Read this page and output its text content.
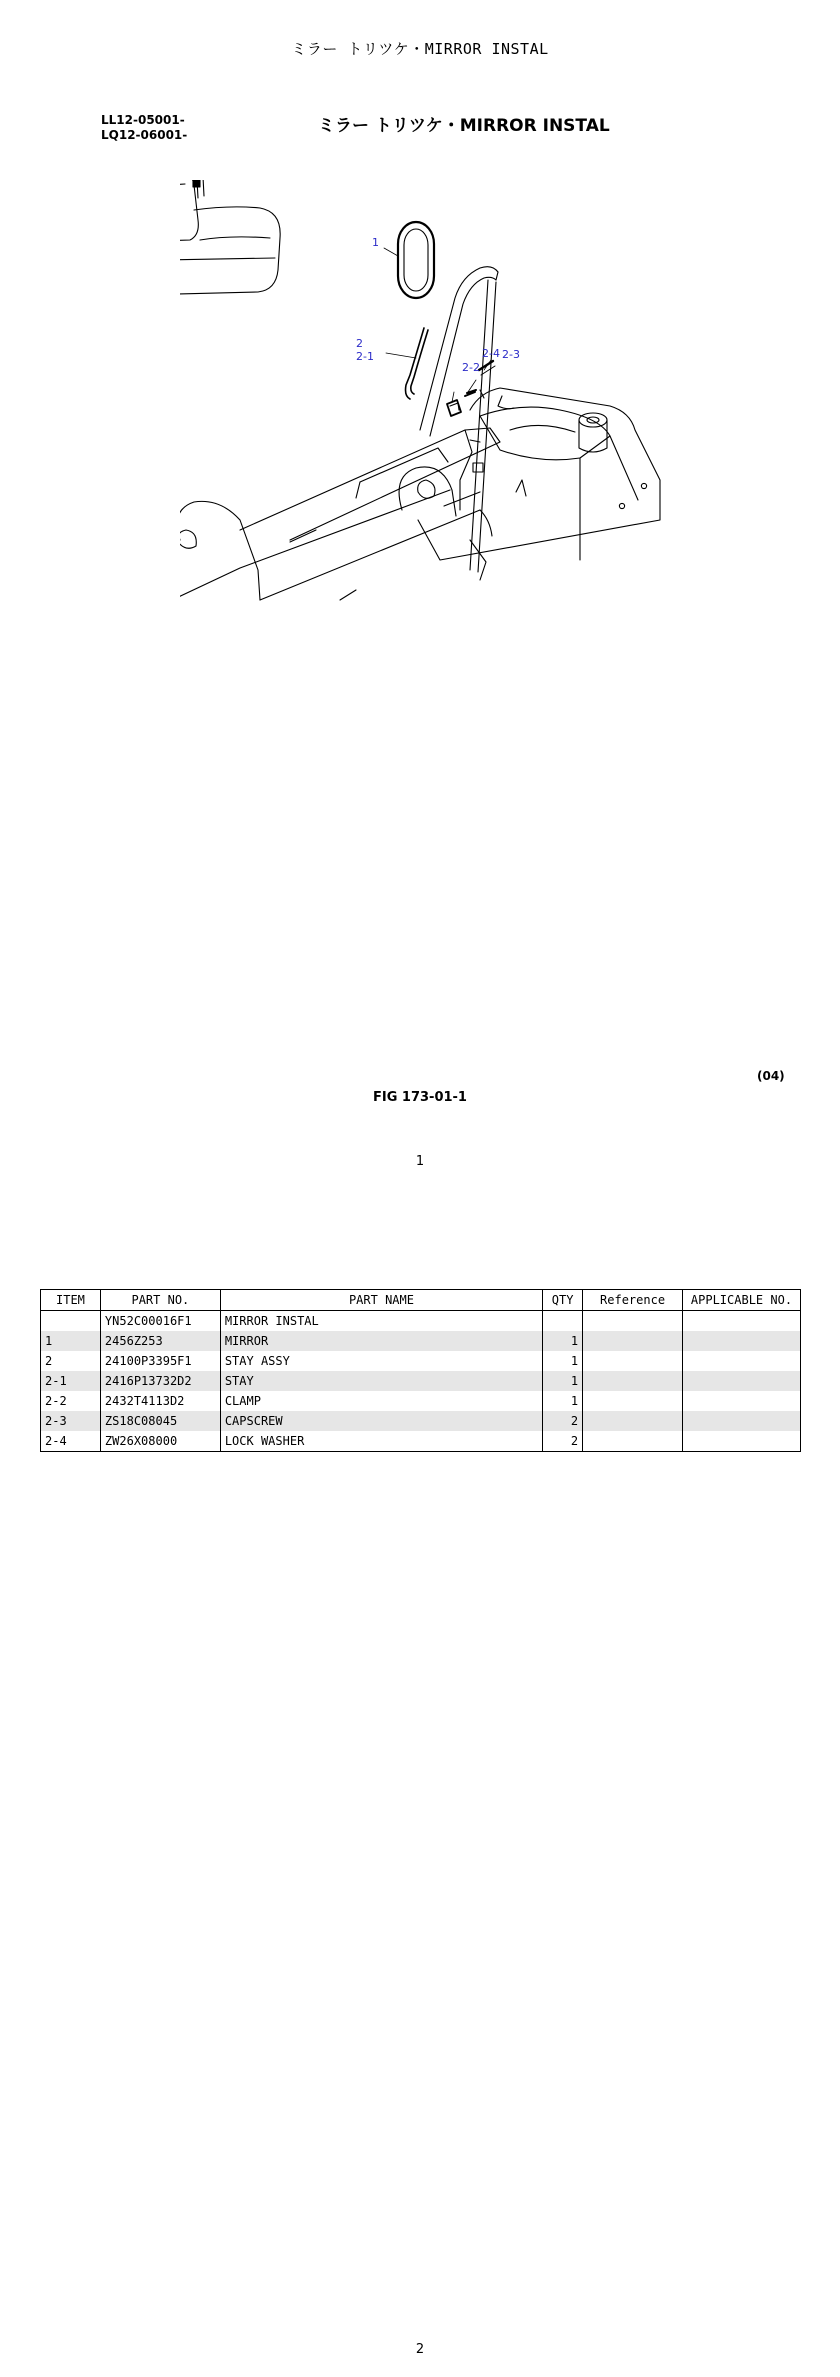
ミラー トリツケ・MIRROR INSTAL
LL12-05001-
LQ12-06001-	ミラー トリツケ・MIRROR INSTAL
1
2
2-1
2-2
2-3
2-4
(04)
FIG 173-01-1
1
ITEM	PART NO.	PART NAME	QTY	Reference	APPLICABLE NO.
	YN52C00016F1	MIRROR INSTAL			
1	2456Z253	MIRROR	1		
2	24100P3395F1	STAY ASSY	1		
2-1	2416P13732D2	STAY	1		
2-2	2432T4113D2	CLAMP	1		
2-3	ZS18C08045	CAPSCREW	2		
2-4	ZW26X08000	LOCK WASHER	2		
2
